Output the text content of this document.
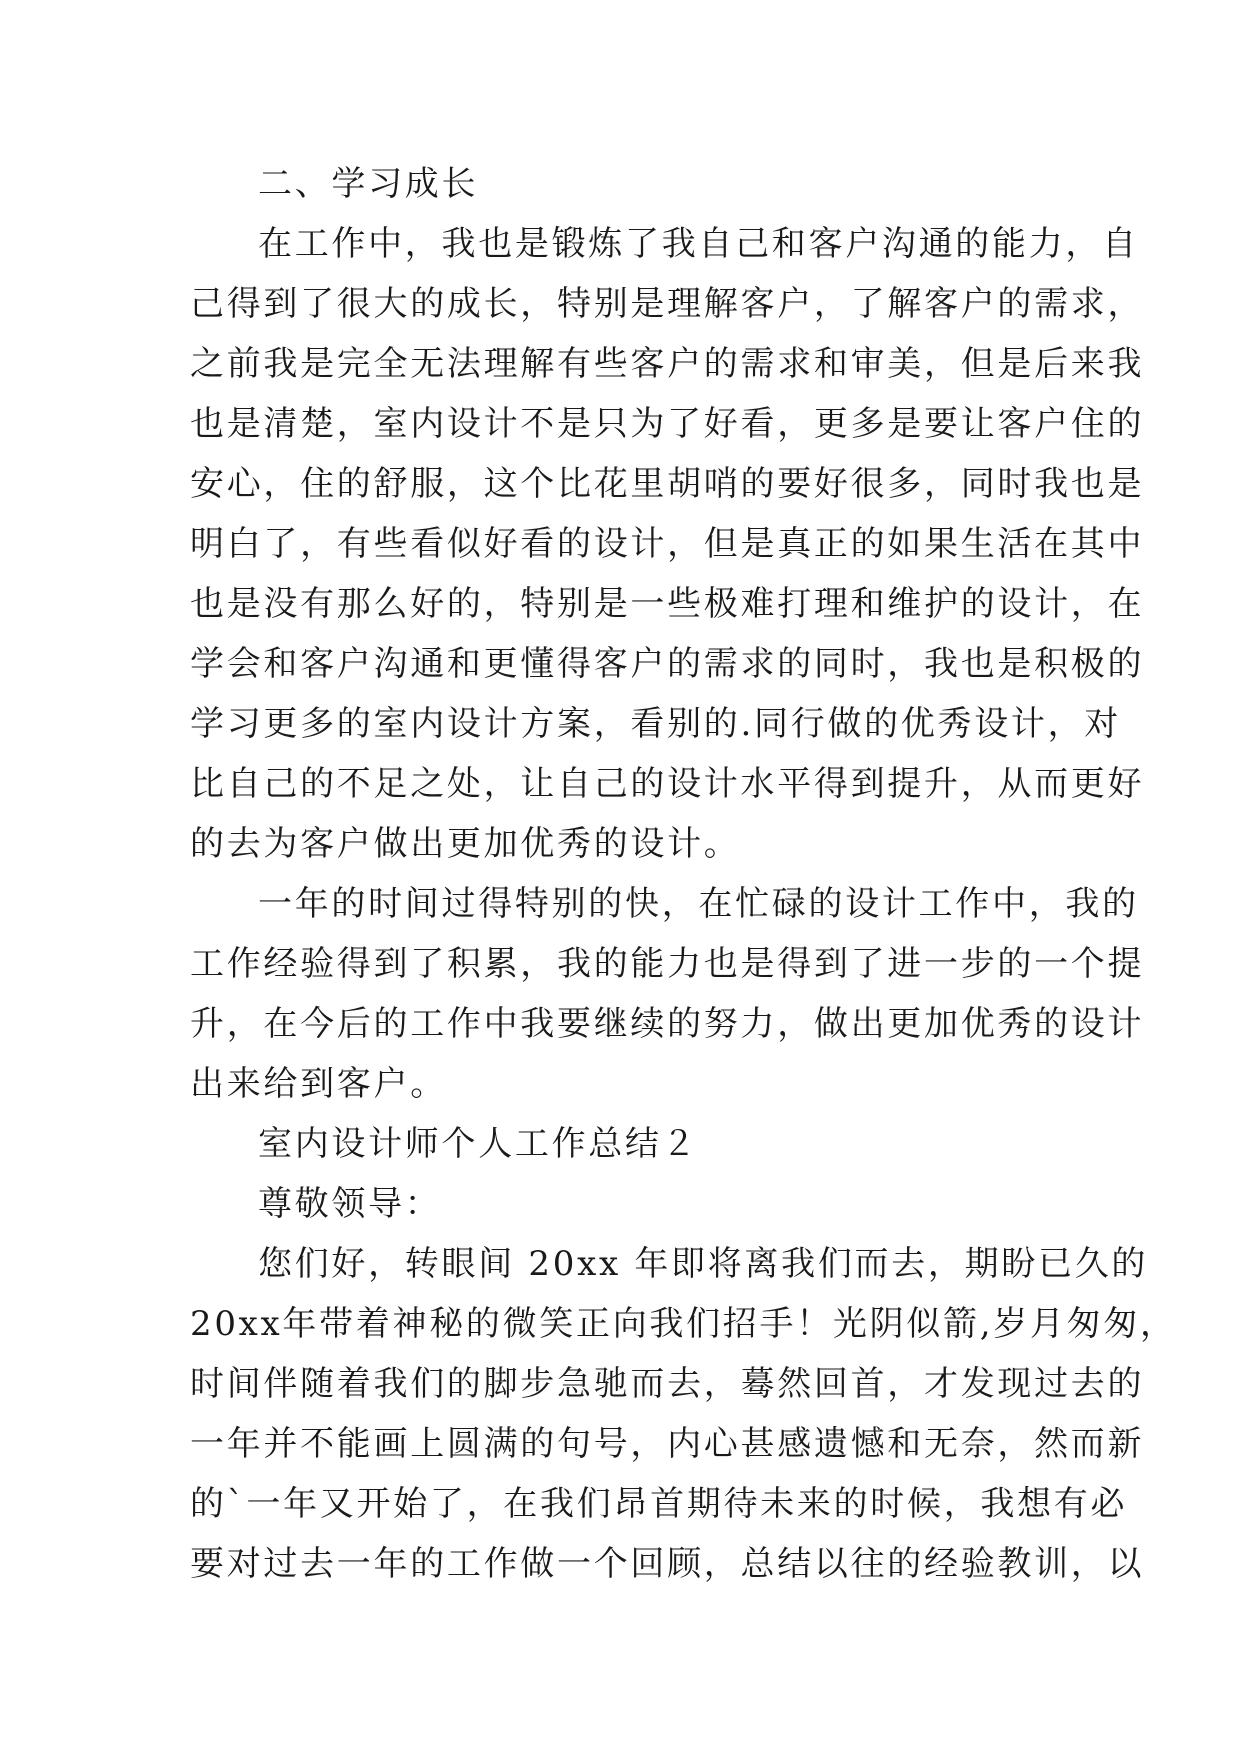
二、学习成长

在工作中，我也是锻炼了我自己和客户沟通的能力，自

己得到了很大的成长，特别是理解客户，了解客户的需求，

之前我是完全无法理解有些客户的需求和审美，但是后来我

也是清楚，室内设计不是只为了好看，更多是要让客户住的

安心，住的舒服，这个比花里胡哨的要好很多，同时我也是

明白了，有些看似好看的设计，但是真正的如果生活在其中

也是没有那么好的，特别是一些极难打理和维护的设计，在

学会和客户沟通和更懂得客户的需求的同时，我也是积极的

学习更多的室内设计方案，看别的.同行做的优秀设计，对

比自己的不足之处，让自己的设计水平得到提升，从而更好

的去为客户做出更加优秀的设计。

一年的时间过得特别的快，在忙碌的设计工作中，我的

工作经验得到了积累，我的能力也是得到了进一步的一个提

升，在今后的工作中我要继续的努力，做出更加优秀的设计

出来给到客户。

室内设计师个人工作总结２

尊敬领导：

您们好，转眼间 20xx 年即将离我们而去，期盼已久的

20xx年带着神秘的微笑正向我们招手！光阴似箭,岁月匆匆，

时间伴随着我们的脚步急驰而去，蓦然回首，才发现过去的

一年并不能画上圆满的句号，内心甚感遗憾和无奈，然而新

的`一年又开始了，在我们昂首期待未来的时候，我想有必

要对过去一年的工作做一个回顾，总结以往的经验教训，以
